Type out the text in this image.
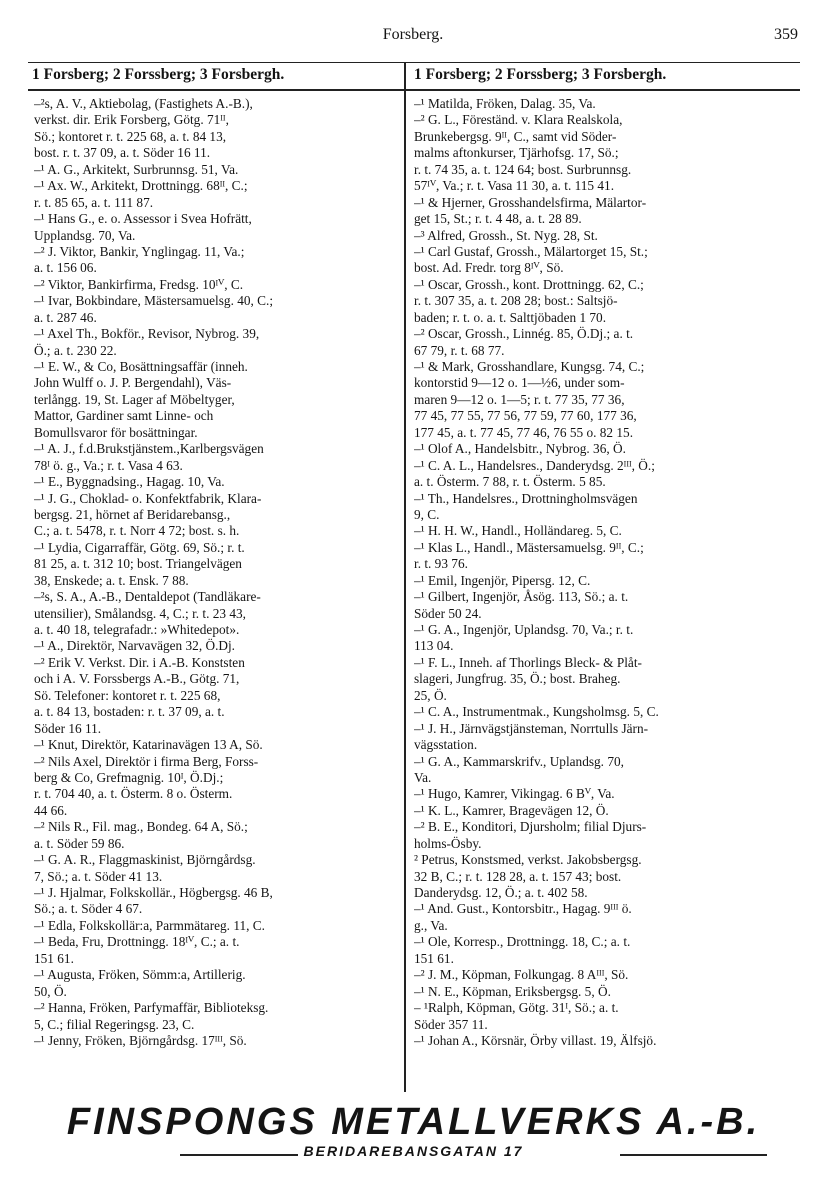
Forsberg.	359
1 Forsberg; 2 Forssberg; 3 Forsbergh.	1 Forsberg; 2 Forssberg; 3 Forsbergh.
–²s, A. V., Aktiebolag, (Fastighets A.-B.),
verkst. dir. Erik Forsberg, Götg. 71ᴵᴵ,
Sö.; kontoret r. t. 225 68, a. t. 84 13,
bost. r. t. 37 09, a. t. Söder 16 11.
–¹ A. G., Arkitekt, Surbrunnsg. 51, Va.
–¹ Ax. W., Arkitekt, Drottningg. 68ᴵᴵ, C.;
r. t. 85 65, a. t. 111 87.
–¹ Hans G., e. o. Assessor i Svea Hofrätt,
Upplandsg. 70, Va.
–² J. Viktor, Bankir, Ynglingag. 11, Va.;
a. t. 156 06.
–² Viktor, Bankirfirma, Fredsg. 10ᴵⱽ, C.
–¹ Ivar, Bokbindare, Mästersamuelsg. 40, C.;
a. t. 287 46.
–¹ Axel Th., Bokför., Revisor, Nybrog. 39,
Ö.; a. t. 230 22.
–¹ E. W., & Co, Bosättningsaffär (inneh.
John Wulff o. J. P. Bergendahl), Väs-
terlångg. 19, St. Lager af Möbeltyger,
Mattor, Gardiner samt Linne- och
Bomullsvaror för bosättningar.
–¹ A. J., f.d.Brukstjänstem.,Karlbergsvägen
78ᴵ ö. g., Va.; r. t. Vasa 4 63.
–¹ E., Byggnadsing., Hagag. 10, Va.
–¹ J. G., Choklad- o. Konfektfabrik, Klara-
bergsg. 21, hörnet af Beridarebansg.,
C.; a. t. 5478, r. t. Norr 4 72; bost. s. h.
–¹ Lydia, Cigarraffär, Götg. 69, Sö.; r. t.
81 25, a. t. 312 10; bost. Triangelvägen
38, Enskede; a. t. Ensk. 7 88.
–²s, S. A., A.-B., Dentaldepot (Tandläkare-
utensilier), Smålandsg. 4, C.; r. t. 23 43,
a. t. 40 18, telegrafadr.: »Whitedepot».
–¹ A., Direktör, Narvavägen 32, Ö.Dj.
–² Erik V. Verkst. Dir. i A.-B. Konststen
och i A. V. Forssbergs A.-B., Götg. 71,
Sö. Telefoner: kontoret r. t. 225 68,
a. t. 84 13, bostaden: r. t. 37 09, a. t.
Söder 16 11.
–¹ Knut, Direktör, Katarinavägen 13 A, Sö.
–² Nils Axel, Direktör i firma Berg, Forss-
berg & Co, Grefmagnig. 10ᴵ, Ö.Dj.;
r. t. 704 40, a. t. Österm. 8 o. Österm.
44 66.
–² Nils R., Fil. mag., Bondeg. 64 A, Sö.;
a. t. Söder 59 86.
–¹ G. A. R., Flaggmaskinist, Björngårdsg.
7, Sö.; a. t. Söder 41 13.
–¹ J. Hjalmar, Folkskollär., Högbergsg. 46 B,
Sö.; a. t. Söder 4 67.
–¹ Edla, Folkskollär:a, Parmmätareg. 11, C.
–¹ Beda, Fru, Drottningg. 18ᴵⱽ, C.; a. t.
151 61.
–¹ Augusta, Fröken, Sömm:a, Artillerig.
50, Ö.
–² Hanna, Fröken, Parfymaffär, Biblioteksg.
5, C.; filial Regeringsg. 23, C.
–¹ Jenny, Fröken, Björngårdsg. 17ᴵᴵᴵ, Sö.
–¹ Matilda, Fröken, Dalag. 35, Va.
–² G. L., Föreständ. v. Klara Realskola,
Brunkebergsg. 9ᴵᴵ, C., samt vid Söder-
malms aftonkurser, Tjärhofsg. 17, Sö.;
r. t. 74 35, a. t. 124 64; bost. Surbrunnsg.
57ᴵⱽ, Va.; r. t. Vasa 11 30, a. t. 115 41.
–¹ & Hjerner, Grosshandelsfirma, Mälartor-
get 15, St.; r. t. 4 48, a. t. 28 89.
–³ Alfred, Grossh., St. Nyg. 28, St.
–¹ Carl Gustaf, Grossh., Mälartorget 15, St.;
bost. Ad. Fredr. torg 8ᴵⱽ, Sö.
–¹ Oscar, Grossh., kont. Drottningg. 62, C.;
r. t. 307 35, a. t. 208 28; bost.: Saltsjö-
baden; r. t. o. a. t. Salttjöbaden 1 70.
–² Oscar, Grossh., Linnég. 85, Ö.Dj.; a. t.
67 79, r. t. 68 77.
–¹ & Mark, Grosshandlare, Kungsg. 74, C.;
kontorstid 9—12 o. 1—½6, under som-
maren 9—12 o. 1—5; r. t. 77 35, 77 36,
77 45, 77 55, 77 56, 77 59, 77 60, 177 36,
177 45, a. t. 77 45, 77 46, 76 55 o. 82 15.
–¹ Olof A., Handelsbitr., Nybrog. 36, Ö.
–¹ C. A. L., Handelsres., Danderydsg. 2ᴵᴵᴵ, Ö.;
a. t. Österm. 7 88, r. t. Österm. 5 85.
–¹ Th., Handelsres., Drottningholmsvägen
9, C.
–¹ H. H. W., Handl., Holländareg. 5, C.
–¹ Klas L., Handl., Mästersamuelsg. 9ᴵᴵ, C.;
r. t. 93 76.
–¹ Emil, Ingenjör, Pipersg. 12, C.
–¹ Gilbert, Ingenjör, Åsög. 113, Sö.; a. t.
Söder 50 24.
–¹ G. A., Ingenjör, Uplandsg. 70, Va.; r. t.
113 04.
–¹ F. L., Inneh. af Thorlings Bleck- & Plåt-
slageri, Jungfrug. 35, Ö.; bost. Braheg.
25, Ö.
–¹ C. A., Instrumentmak., Kungsholmsg. 5, C.
–¹ J. H., Järnvägstjänsteman, Norrtulls Järn-
vägsstation.
–¹ G. A., Kammarskrifv., Uplandsg. 70,
Va.
–¹ Hugo, Kamrer, Vikingag. 6 Bⱽ, Va.
–¹ K. L., Kamrer, Bragevägen 12, Ö.
–² B. E., Konditori, Djursholm; filial Djurs-
holms-Ösby.
² Petrus, Konstsmed, verkst. Jakobsbergsg.
32 B, C.; r. t. 128 28, a. t. 157 43; bost.
Danderydsg. 12, Ö.; a. t. 402 58.
–¹ And. Gust., Kontorsbitr., Hagag. 9ᴵᴵᴵ ö.
g., Va.
–¹ Ole, Korresp., Drottningg. 18, C.; a. t.
151 61.
–² J. M., Köpman, Folkungag. 8 Aᴵᴵᴵ, Sö.
–¹ N. E., Köpman, Eriksbergsg. 5, Ö.
– ¹Ralph, Köpman, Götg. 31ᴵ, Sö.; a. t.
Söder 357 11.
–¹ Johan A., Körsnär, Örby villast. 19, Älfsjö.
FINSPONGS METALLVERKS A.-B.
BERIDAREBANSGATAN 17
